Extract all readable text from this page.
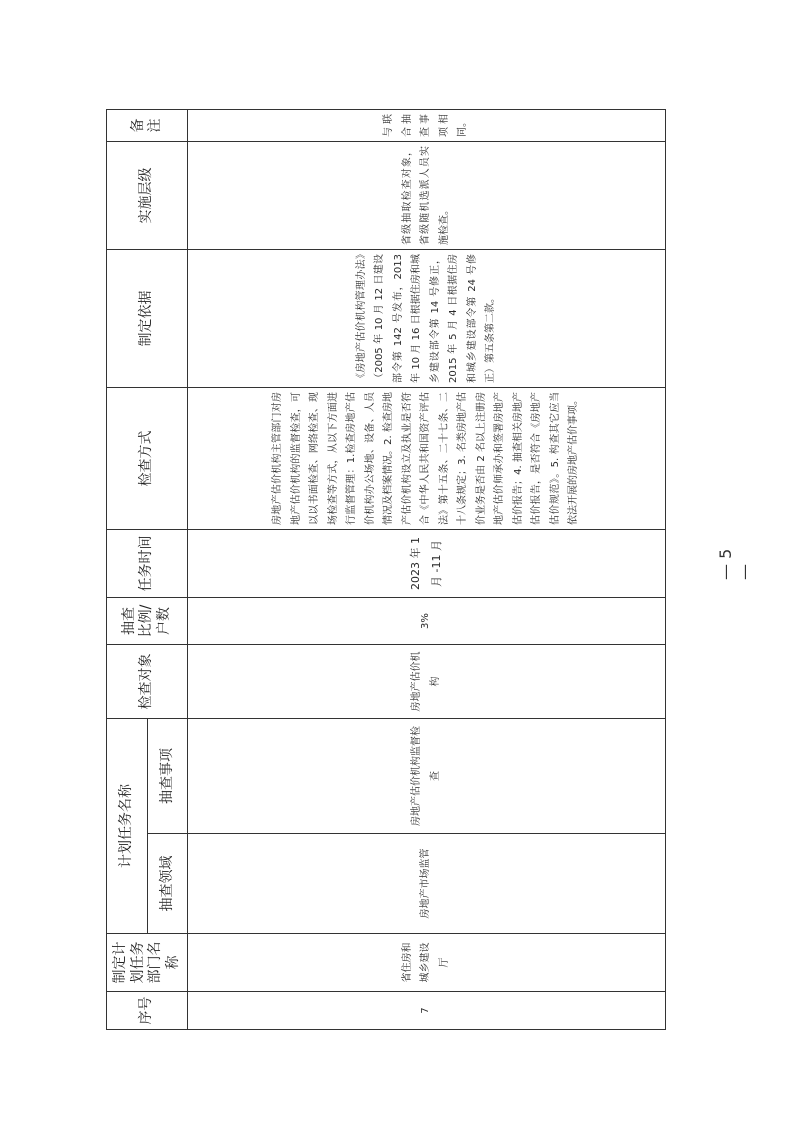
序号	制定计划任务部门名称	计划任务名称		检查对象	抽查比例/户数	任务时间	检查方式	制定依据	实施层级	备注
		抽查领域	抽查事项							
7	省住房和城乡建设厅	房地产市场监管	房地产估价机构监督检查	房地产估价机构	3%	2023 年 1 月 -11 月	房地产估价机构主管部门对房地产估价机构的监督检查，可以以书面检查、网络检查、现场检查等方式，从以下方面进行监督管理：1.检查房地产估价机构办公场地、设备、人员情况及档案情况。2. 检查房地产估价机构设立及执业是否符合《中华人民共和国资产评估法》第十五条、二十七条、二十八条规定；3. 名类房地产估价业务是否由 2 名以上注册房地产估价师承办和签署房地产估价报告；4. 抽查相关房地产估价报告，是否符合《房地产估价规范》。5. 构查其它应当依法开展的房地产估价事项。	《房地产估价机构管理办法》（2005 年 10 月 12 日建设部令第 142 号发布，2013 年 10 月 16 日根据住房和城乡建设部令第 14 号修正，2015 年 5 月 4 日根据住房和城乡建设部令第 24 号修正）第五条第二款。	省级抽取检查对象，省级随机选派人员实施检查。	与联合抽查事项相同。
— 5 —
